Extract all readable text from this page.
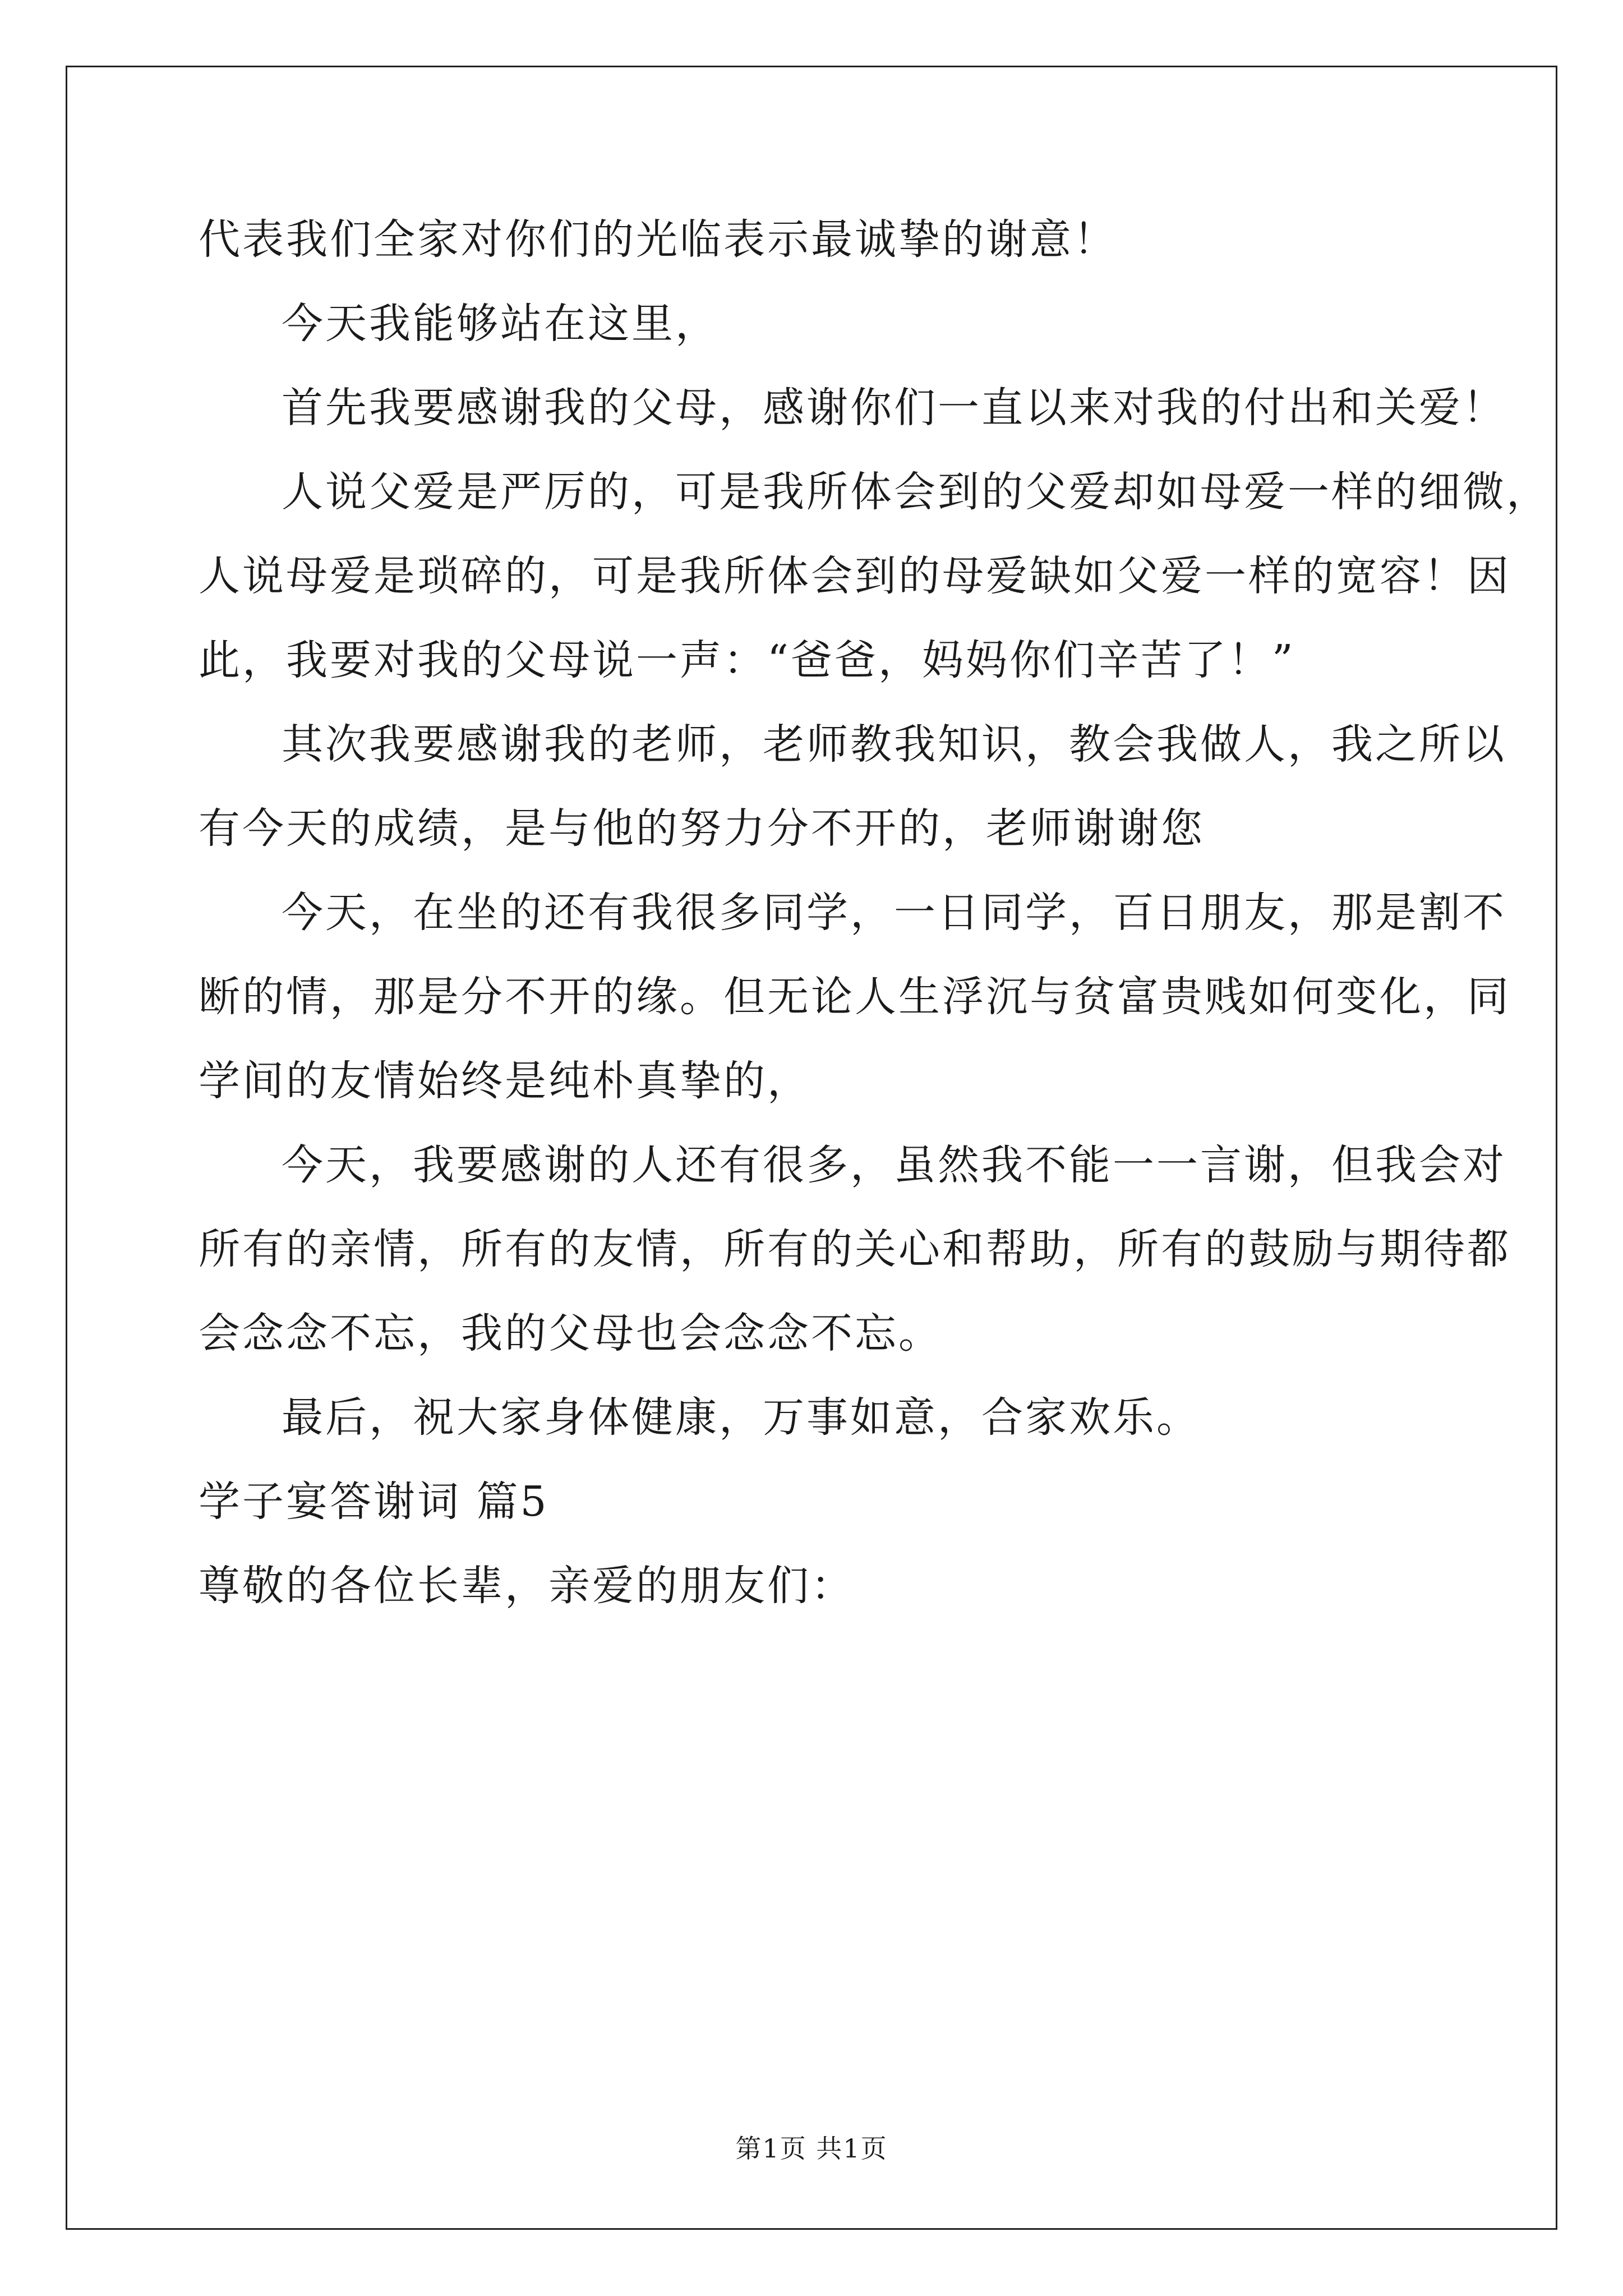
代表我们全家对你们的光临表示最诚挚的谢意！
今天我能够站在这里，
首先我要感谢我的父母，感谢你们一直以来对我的付出和关爱！
人说父爱是严厉的，可是我所体会到的父爱却如母爱一样的细微，
人说母爱是琐碎的，可是我所体会到的母爱缺如父爱一样的宽容！因
此，我要对我的父母说一声：“爸爸，妈妈你们辛苦了！”
其次我要感谢我的老师，老师教我知识，教会我做人，我之所以
有今天的成绩，是与他的努力分不开的，老师谢谢您
今天，在坐的还有我很多同学，一日同学，百日朋友，那是割不
断的情，那是分不开的缘。但无论人生浮沉与贫富贵贱如何变化，同
学间的友情始终是纯朴真挚的，
今天，我要感谢的人还有很多，虽然我不能一一言谢，但我会对
所有的亲情，所有的友情，所有的关心和帮助，所有的鼓励与期待都
会念念不忘，我的父母也会念念不忘。
最后，祝大家身体健康，万事如意，合家欢乐。
学子宴答谢词 篇5
尊敬的各位长辈，亲爱的朋友们：
第1页 共1页
